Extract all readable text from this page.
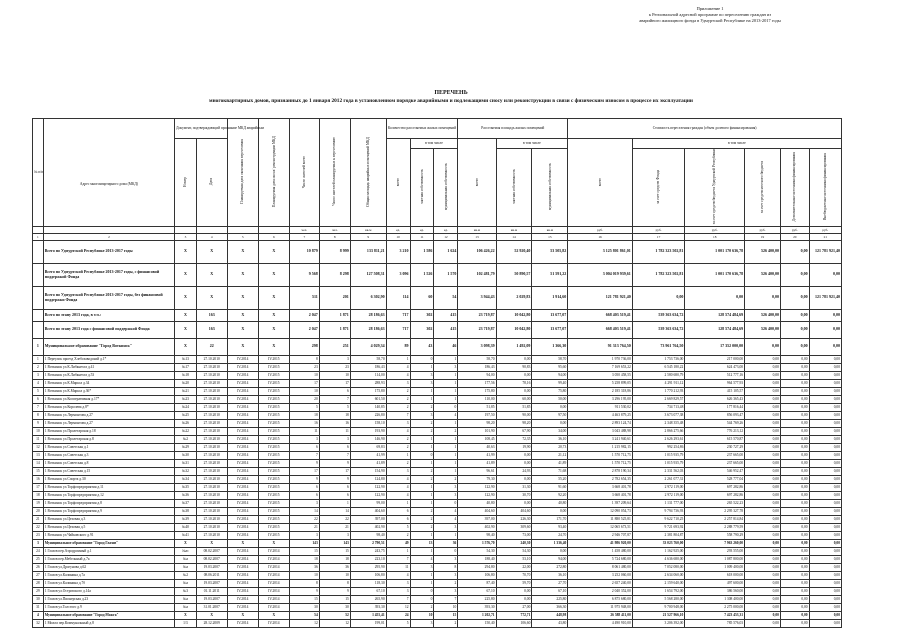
Приложение 1
к Региональной адресной программе по переселению граждан из
аварийного жилищного фонда в Удмуртской Республике на 2013-2017 годы
ПЕРЕЧЕНЬ
многоквартирных домов, признанных до 1 января 2012 года в установленном порядке аварийными и подлежащими сносу или реконструкции в связи с физическим износом в процессе их эксплуатации
№ п/п	Адрес многоквартирного дома (МКД)	Документ, подтверждающий признание МКД аварийным		Планируемая дата окончания переселения	Планируемая дата сноса/ реконструкции МКД	Число жителей всего	Число жителей планируемых к переселению	Общая площадь аварийных помещений МКД	Количество расселяемых жилых помещений			Расселяемая площадь жилых помещений			Стоимость переселения граждан (объем долевого финансирования)					
		Номер	Дата						всего	в том числе		всего	в том числе		всего	в том числе				
										частная собственность	муниципальная собственность		частная собственность	муниципальная собственность		за счет средств Фонда	за счет средств бюджета Удмуртской Республики	за счет средств местного бюджета	Дополнительные источники финансирования	Внебюджетные источники финансирования
						чел.	чел.	кв.м	ед.	ед.	ед.	кв.м	кв.м	кв.м	руб.	руб.	руб.	руб.	руб.	руб.
1	2	3	4	5	6	7	8	9	10	11	12	13	14	15	16	17	18	19	20	21
	Всего по Удмуртской Республике 2013-2017 годы	X	X	X	X	10 879	8 999	133 811,21	3 210	1 586	1 624	106 426,22	52 920,40	53 505,82	3 125 801 861,01	1 782 323 502,81	1 001 170 636,78	526 400,00	0,00	121 781 921,40
	Всего по Удмуртской Республике 2013-2017 годы, с финансовой поддержкой Фонда	X	X	X	X	9 568	8 298	127 508,31	3 096	1 526	1 570	102 481,79	50 890,57	51 591,22	3 004 019 939,61	1 782 323 502,81	1 001 170 636,78	526 400,00	0,00	0,00
	Всего по Удмуртской Республике 2013-2017 годы, без финансовой поддержки Фонда	X	X	X	X	511	201	6 302,90	114	60	54	3 944,43	2 029,83	1 914,60	121 781 921,40	0,00	0,00	0,00	0,00	121 781 921,40
	Всего по этапу 2013 года, в т.ч.:	X	163	X	X	2 047	1 871	28 186,63	717	302	415	23 719,87	10 042,80	13 677,07	668 403 519,41	539 363 634,72	128 574 484,69	526 400,00	0,00	0,00
	Всего по этапу 2013 года с финансовой поддержкой Фонда	X	163	X	X	2 047	1 871	28 186,63	717	302	415	23 719,87	10 042,80	13 677,07	668 403 519,41	539 363 634,72	128 574 484,69	526 400,00	0,00	0,00
1	Муниципальное образование "Город Воткинск"	X	22	X	X	298	251	4 029,34	89	43	46	3 098,39	1 492,09	1 366,30	91 313 764,50	73 961 764,50	17 352 000,00	0,00	0,00	0,00
1	1 Переулок проезд Хлебозаводский д.1*	№13	27.10.2010	IV.2014	IV.2015	8	3	58,70	1	0	1	58,70	0,00	58,70	1 970 736,00	1 753 736,00	217 000,00	0,00	0,00	0,00
2	1 Воткинск ул.К.Либкнехта д.41	№17	27.10.2010	IV.2014	IV.2015	23	23	186,43	4	1	3	186,43	90,83	95,60	7 169 653,22	6 545 180,22	624 473,00	0,00	0,00	0,00
3	1 Воткинск ул.К.Либкнехта д.53	№18	27.10.2010	IV.2014	IV.2015	10	10	114,00	4	3	1	94,00	0,00	94,00	3 050 458,55	2 580 680,79	512 777,16	0,00	0,00	0,00
4	1 Воткинск ул.К.Маркса д.34	№20	27.10.2010	IV.2014	IV.2015	17	17	288,93	3	3	1	177,56	78,16	99,40	5 258 899,05	4 291 911,12	964 577,93	0,00	0,00	0,00
5	1 Воткинск ул.К.Маркса д.36*	№21	27.10.2010	IV.2014	IV.2015	10	6	175,80	2	1	1	175,80	0,00	75,80	2 185 318,86	1 770 212,93	415 105,57	0,00	0,00	0,00
6	1 Воткинск ул.Кооперативная д.17*	№23	27.10.2010	IV.2014	IV.2015	20	7	601,50	2	1	1	110,00	60,00	50,00	3 296 195,00	2 669 829,57	626 365,43	0,00	0,00	0,00
7	1 Воткинск ул.Королева д.8*	№24	27.10.2010	IV.2014	IV.2015	5	5	140,85	2	2	0	51,85	51,85	0,00	911 530,02	734 713,48	177 816,44	0,00	0,00	0,00
8	1 Воткинск ул.Лермонтова д.27	№25	27.10.2010	IV.2014	IV.2015	18	18	226,80	7	3	4	197,50	90,00	97,50	4 463 879,25	3 673 077,38	856 093,47	0,00	0,00	0,00
9	1 Воткинск ул.Лермонтова д.27	№26	27.10.2010	IV.2014	IV.2015	16	16	158,10	3	2	1	98,20	98,20	0,00	2 893 124,74	2 348 355,48	544 769,26	0,00	0,00	0,00
10	1 Воткинск ул.Пролетарская д.18	№22	27.10.2010	IV.2014	IV.2015	11	11	193,90	4	2	2	101,90	67,90	34,00	3 043 488,98	2 866 275,66	776 213,12	0,00	0,00	0,00
11	1 Воткинск ул.Пролетарская д.8	№2	27.10.2010	IV.2014	IV.2015	3	3	146,90	2	1	1	108,45	72,35	36,10	3 241 940,61	2 626 293,61	615 570,87	0,00	0,00	0,00
12	1 Воткинск ул.Советская д.1	№29	27.10.2010	IV.2014	IV.2015	6	6	69,83	2	1	1	40,63	19,90	20,73	1 215 982,15	992 254,86	230 727,29	0,00	0,00	0,00
13	1 Воткинск ул.Советская д.3	№30	27.10.2010	IV.2014	IV.2015	7	7	41,99	1	0	1	41,99	0,00	21,12	1 570 712,75	1 015 935,79	237 665,00	0,00	0,00	0,00
14	1 Воткинск ул.Советская д.8	№31	27.10.2010	IV.2014	IV.2015	9	9	41,89	2	1	1	41,89	0,00	41,89	1 570 712,75	1 015 935,79	237 665,00	0,00	0,00	0,00
15	1 Воткинск ул.Советская д.15	№32	27.10.2010	IV.2014	IV.2015	17	17	154,90	3	2	1	96,61	24,93	71,68	2 878 190,34	2 331 562,03	546 952,47	0,00	0,00	0,00
16	1 Воткинск ул.Спорта д.30	№34	27.10.2010	IV.2014	IV.2015	9	9	124,80	4	2	2	79,30	0,00	55,20	2 782 654,35	2 261 077,31	528 777,04	0,00	0,00	0,00
17	1 Воткинск ул.Торфопредприятия д.11	№35	27.10.2010	IV.2014	IV.2015	6	6	122,90	4	1	3	122,90	31,30	91,60	3 668 401,78	2 972 119,00	697 282,86	0,00	0,00	0,00
18	1 Воткинск ул.Торфопредприятия д.12	№36	27.10.2010	IV.2014	IV.2015	6	6	122,90	4	1	3	122,90	30,70	92,20	3 668 401,78	2 972 119,00	697 282,86	0,00	0,00	0,00
19	1 Воткинск ул.Торфопредприятия д.8	№37	27.10.2010	IV.2014	IV.2015	3	1	99,00	1	1	0	40,80	0,00	40,80	1 397 209,64	1 131 777,00	265 522,23	0,00	0,00	0,00
20	1 Воткинск ул.Торфопредприятия д.9	№38	27.10.2010	IV.2014	IV.2015	14	14	404,60	6	2	4	404,60	404,60	0,00	12 090 054,73	9 794 736,93	2 295 327,78	0,00	0,00	0,00
21	1 Воткинск ул.Цеховая д.3	№39	27.10.2010	IV.2014	IV.2015	22	22	397,00	6	2	4	397,00	226,30	171,70	11 880 525,81	9 622 710,25	2 257 814,84	0,00	0,00	0,00
22	1 Воткинск ул.Цеховая д.5	№40	27.10.2010	IV.2014	IV.2015	21	21	402,90	5	2	3	402,90	309,60	93,40	12 065 673,51	9 721 693,92	2 288 779,59	0,00	0,00	0,00
23	1 Воткинск ул.Чайковского д.91	№41	27.10.2010	IV.2014	IV.2015	3	3	98,40	2	1	1	98,40	73,00	24,70	2 946 707,87	2 381 804,87	558 790,29	0,00	0,00	0,00
3	Муниципальное образование "Город Глазов"	X	X	X	X	143	143	2 790,51	49	13	36	1 576,70	240,30	1 336,40	41 986 920,00	33 023 760,00	7 963 260,00	0,00	0,00	0,00
24	1 Глазов пер.Аэродромный д.1	№ас	08.02.2007	IV.2014	IV.2014	15	15	243,75	1	1	0	54,30	54,30	0,00	1 458 480,00	1 162 925,00	293 555,00	0,00	0,00	0,00
25	1 Глазов пер.Мебельный д.7а	№а	08.02.2007	IV.2014	IV.2014	18	18	223,10	7	4	3	188,40	53,10	94,00	5 724 680,00	4 636 680,00	1 087 800,00	0,00	0,00	0,00
26	1 Глазов ул.Драгунова д.62	№а	19.03.2007	IV.2014	IV.2014	36	36	295,90	11	3	8	294,80	22,00	272,80	8 061 480,00	7 052 080,00	1 009 400,00	0,00	0,00	0,00
27	1 Глазов ул.Калинина д.7а	№2	08.06.2011	IV.2014	IV.2014	10	10	106,80	4	1	3	106,80	70,70	36,10	3 252 060,00	2 634 060,00	618 000,00	0,00	0,00	0,00
28	1 Глазов ул.Калинина д.7б	№а	19.03.2007	IV.2014	IV.2014	8	8	118,30	3	1	2	87,40	59,70	27,70	2 657 240,00	2 159 640,00	497 600,00	0,00	0,00	0,00
29	1 Глазов ул.Островского д.14а	№3	01.11.2011	IV.2014	IV.2014	9	9	67,10	3	0	3	67,10	0,00	67,10	2 040 352,00	1 654 792,00	386 560,00	0,00	0,00	0,00
30	1 Глазов ул.Пионерская д.23	№а	19.03.2007	IV.2014	IV.2014	15	15	265,90	7	0	7	225,80	0,00	225,80	6 875 680,00	5 568 280,00	1 308 400,00	0,00	0,00	0,00
31	1 Глазов ул.Толстого д.9	№а	31.01.2007	IV.2014	IV.2014	30	30	393,30	12	2	10	393,30	27,00	366,30	11 975 948,00	9 700 948,00	2 275 000,00	0,00	0,00	0,00
4	Муниципальное образование "Город Можга"	X	X	X	X	54	52	1 455,41	24	10	15	1 202,71	772,71	448,98	26 588 411,00	21 527 966,10	7 423 453,31	0,00	0,00	0,00
32	1 Можга пер.Коммунальный д.8	1/3	28.12.2009	IV.2014	IV.2014	12	12	199,01	5	3	2	150,40	106,60	43,80	4 490 910,00	3 206 392,00	785 576,03	0,00	0,00	0,00
